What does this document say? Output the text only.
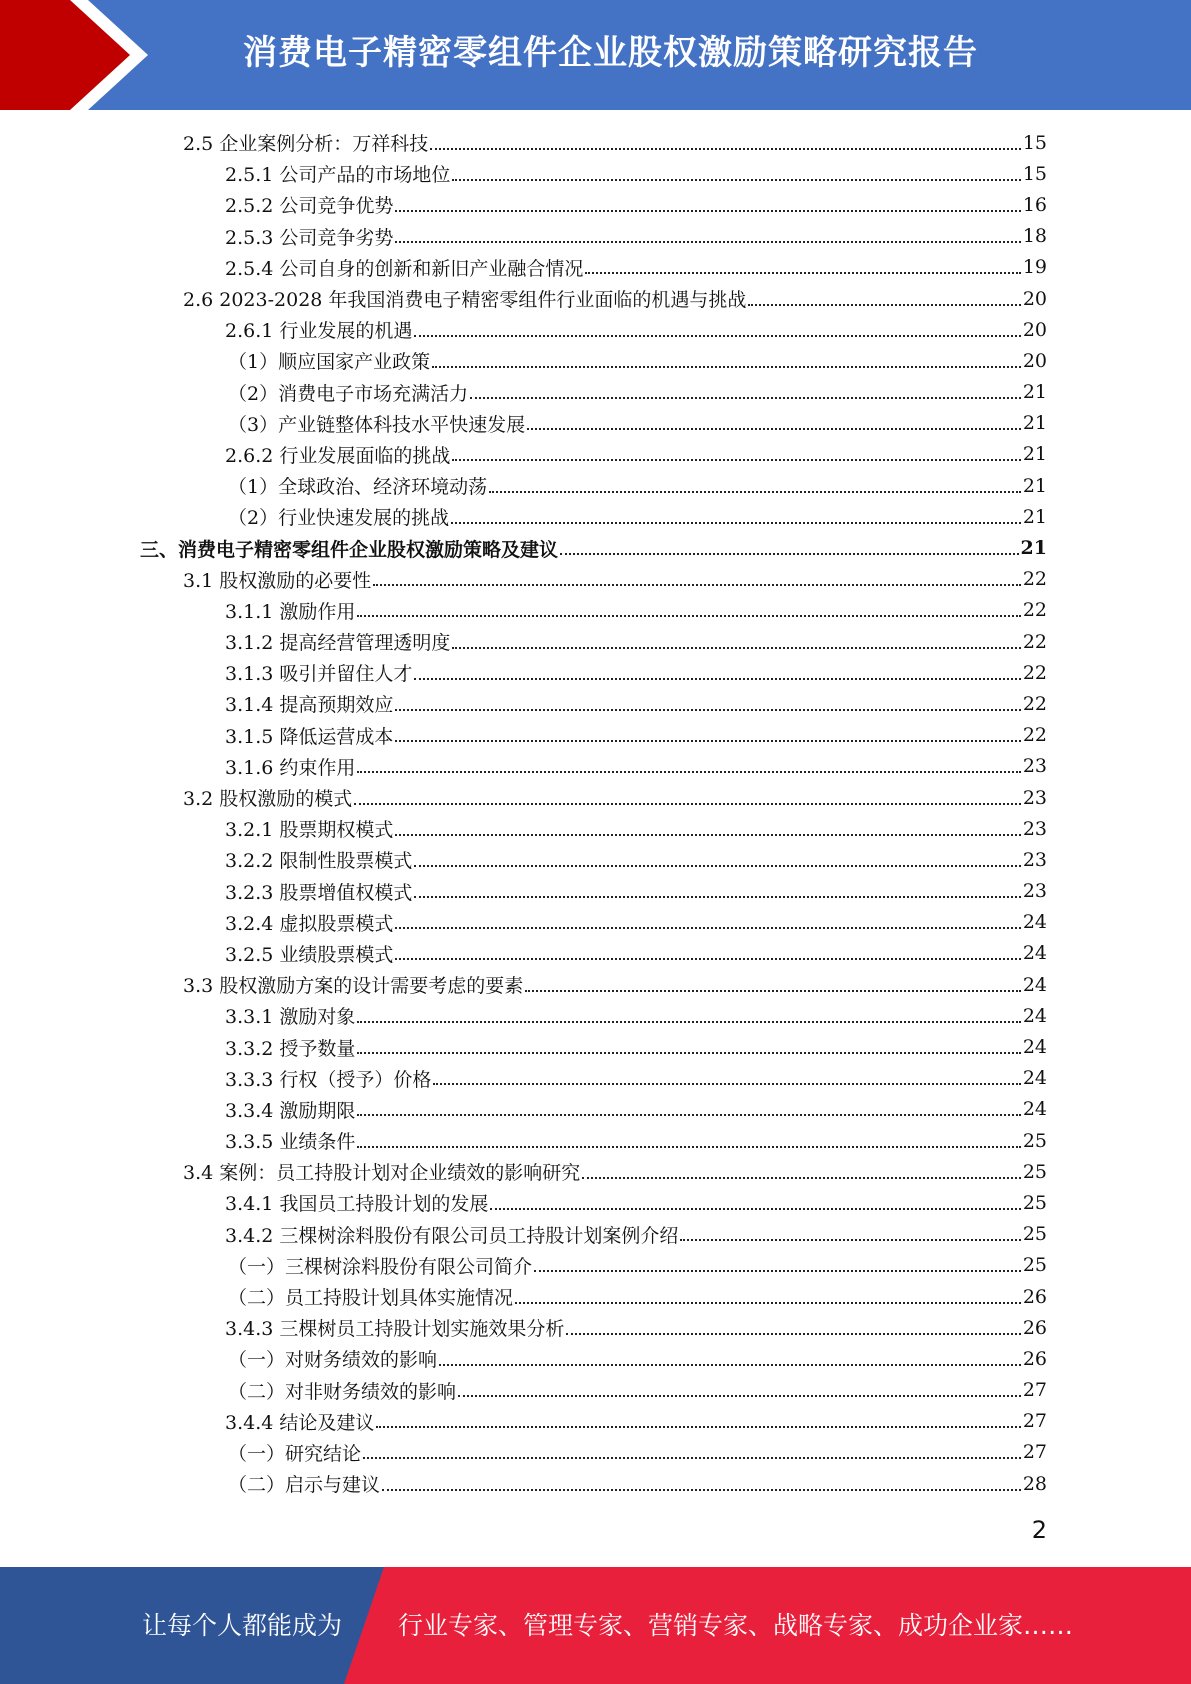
消费电子精密零组件企业股权激励策略研究报告
2.5 企业案例分析：万祥科技	15
2.5.1 公司产品的市场地位	15
2.5.2 公司竞争优势	16
2.5.3 公司竞争劣势	18
2.5.4 公司自身的创新和新旧产业融合情况	19
2.6 2023-2028 年我国消费电子精密零组件行业面临的机遇与挑战	20
2.6.1 行业发展的机遇	20
（1）顺应国家产业政策	20
（2）消费电子市场充满活力	21
（3）产业链整体科技水平快速发展	21
2.6.2 行业发展面临的挑战	21
（1）全球政治、经济环境动荡	21
（2）行业快速发展的挑战	21
三、消费电子精密零组件企业股权激励策略及建议	21
3.1 股权激励的必要性	22
3.1.1 激励作用	22
3.1.2 提高经营管理透明度	22
3.1.3 吸引并留住人才	22
3.1.4 提高预期效应	22
3.1.5 降低运营成本	22
3.1.6 约束作用	23
3.2 股权激励的模式	23
3.2.1 股票期权模式	23
3.2.2 限制性股票模式	23
3.2.3 股票增值权模式	23
3.2.4 虚拟股票模式	24
3.2.5 业绩股票模式	24
3.3 股权激励方案的设计需要考虑的要素	24
3.3.1 激励对象	24
3.3.2 授予数量	24
3.3.3 行权（授予）价格	24
3.3.4 激励期限	24
3.3.5 业绩条件	25
3.4 案例：员工持股计划对企业绩效的影响研究	25
3.4.1 我国员工持股计划的发展	25
3.4.2 三棵树涂料股份有限公司员工持股计划案例介绍	25
（一）三棵树涂料股份有限公司简介	25
（二）员工持股计划具体实施情况	26
3.4.3 三棵树员工持股计划实施效果分析	26
（一）对财务绩效的影响	26
（二）对非财务绩效的影响	27
3.4.4 结论及建议	27
（一）研究结论	27
（二）启示与建议	28
2
让每个人都能成为 行业专家、管理专家、营销专家、战略专家、成功企业家……
